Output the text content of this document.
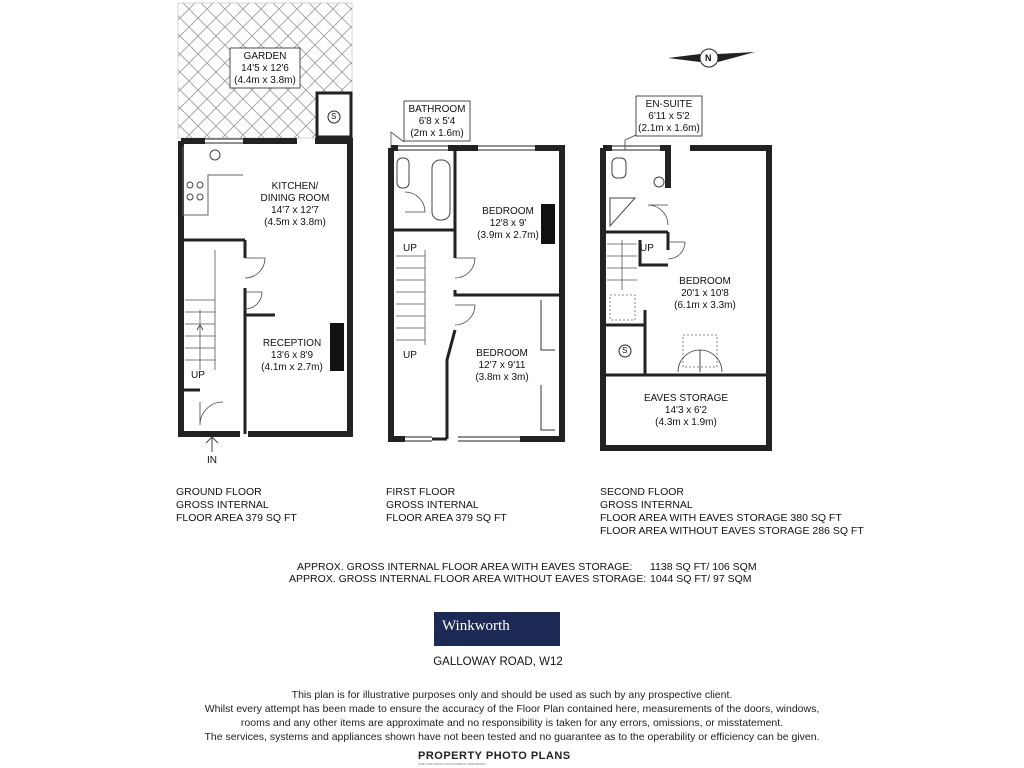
GARDEN
14'5 x 12'6
(4.4m x 3.8m)
KITCHEN/
DINING ROOM
14'7 x 12'7
(4.5m x 3.8m)
RECEPTION
13'6 x 8'9
(4.1m x 2.7m)
BATHROOM
6'8 x 5'4
(2m x 1.6m)
BEDROOM
12'8 x 9'
(3.9m x 2.7m)
BEDROOM
12'7 x 9'11
(3.8m x 3m)
EN-SUITE
6'11 x 5'2
(2.1m x 1.6m)
BEDROOM
20'1 x 10'8
(6.1m x 3.3m)
EAVES STORAGE
14'3 x 6'2
(4.3m x 1.9m)
UP
UP
UP
UP
IN
S
S
N
GROUND FLOOR
GROSS INTERNAL
FLOOR AREA 379 SQ FT
FIRST FLOOR
GROSS INTERNAL
FLOOR AREA 379 SQ FT
SECOND FLOOR
GROSS INTERNAL
FLOOR AREA WITH EAVES STORAGE 380 SQ FT
FLOOR AREA WITHOUT EAVES STORAGE 286 SQ FT
APPROX. GROSS INTERNAL FLOOR AREA WITH EAVES STORAGE: 1138 SQ FT/ 106 SQM
APPROX. GROSS INTERNAL FLOOR AREA WITHOUT EAVES STORAGE: 1044 SQ FT/ 97 SQM
Winkworth
GALLOWAY ROAD, W12
This plan is for illustrative purposes only and should be used as such by any prospective client.
Whilst every attempt has been made to ensure the accuracy of the Floor Plan contained here, measurements of the doors, windows,
rooms and any other items are approximate and no responsibility is taken for any errors, omissions, or misstatement.
The services, systems and appliances shown have not been tested and no guarantee as to the operability or efficiency can be given.
PROPERTY PHOTO PLANS
ONE STOP SHOP FOR PROPERTY MARKETING
